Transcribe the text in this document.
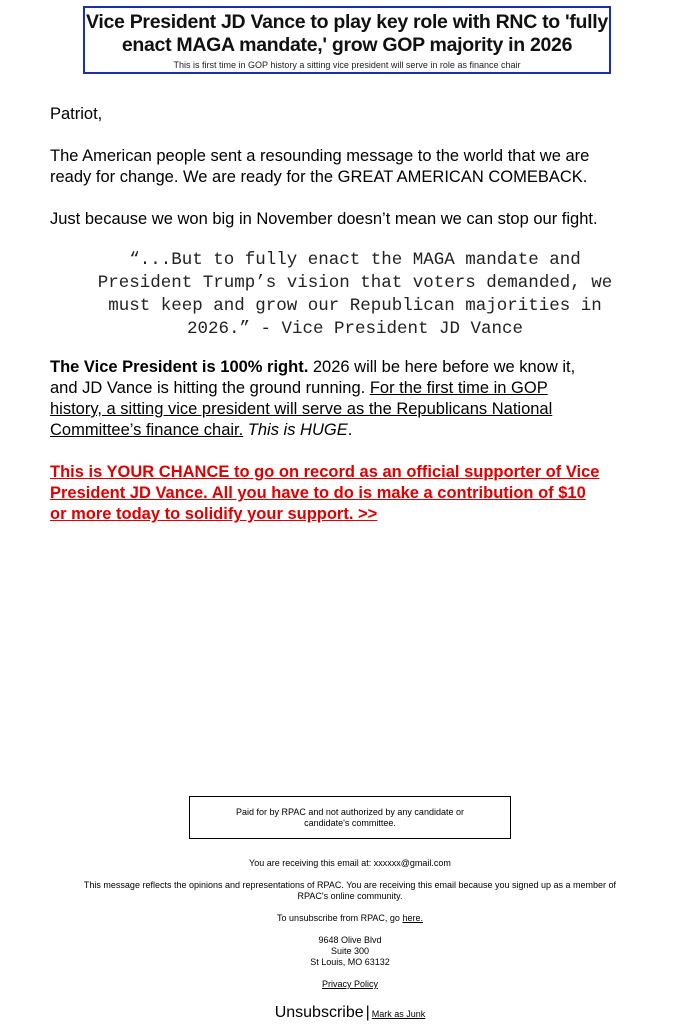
Vice President JD Vance to play key role with RNC to 'fully
enact MAGA mandate,' grow GOP majority in 2026
This is first time in GOP history a sitting vice president will serve in role as finance chair
Patriot,
The American people sent a resounding message to the world that we are
ready for change. We are ready for the GREAT AMERICAN COMEBACK.
Just because we won big in November doesn’t mean we can stop our fight.
“...But to fully enact the MAGA mandate and
President Trump’s vision that voters demanded, we
must keep and grow our Republican majorities in
2026.” - Vice President JD Vance
The Vice President is 100% right. 2026 will be here before we know it,
and JD Vance is hitting the ground running. For the first time in GOP
history, a sitting vice president will serve as the Republicans National
Committee’s finance chair. This is HUGE.
This is YOUR CHANCE to go on record as an official supporter of Vice
President JD Vance. All you have to do is make a contribution of $10
or more today to solidify your support. >>
Paid for by RPAC and not authorized by any candidate or
candidate's committee.
You are receiving this email at: xxxxxx@gmail.com
This message reflects the opinions and representations of RPAC. You are receiving this email because you signed up as a member of
RPAC's online community.
To unsubscribe from RPAC, go here.
9648 Olive Blvd
Suite 300
St Louis, MO 63132
Privacy Policy
Unsubscribe | Mark as Junk
